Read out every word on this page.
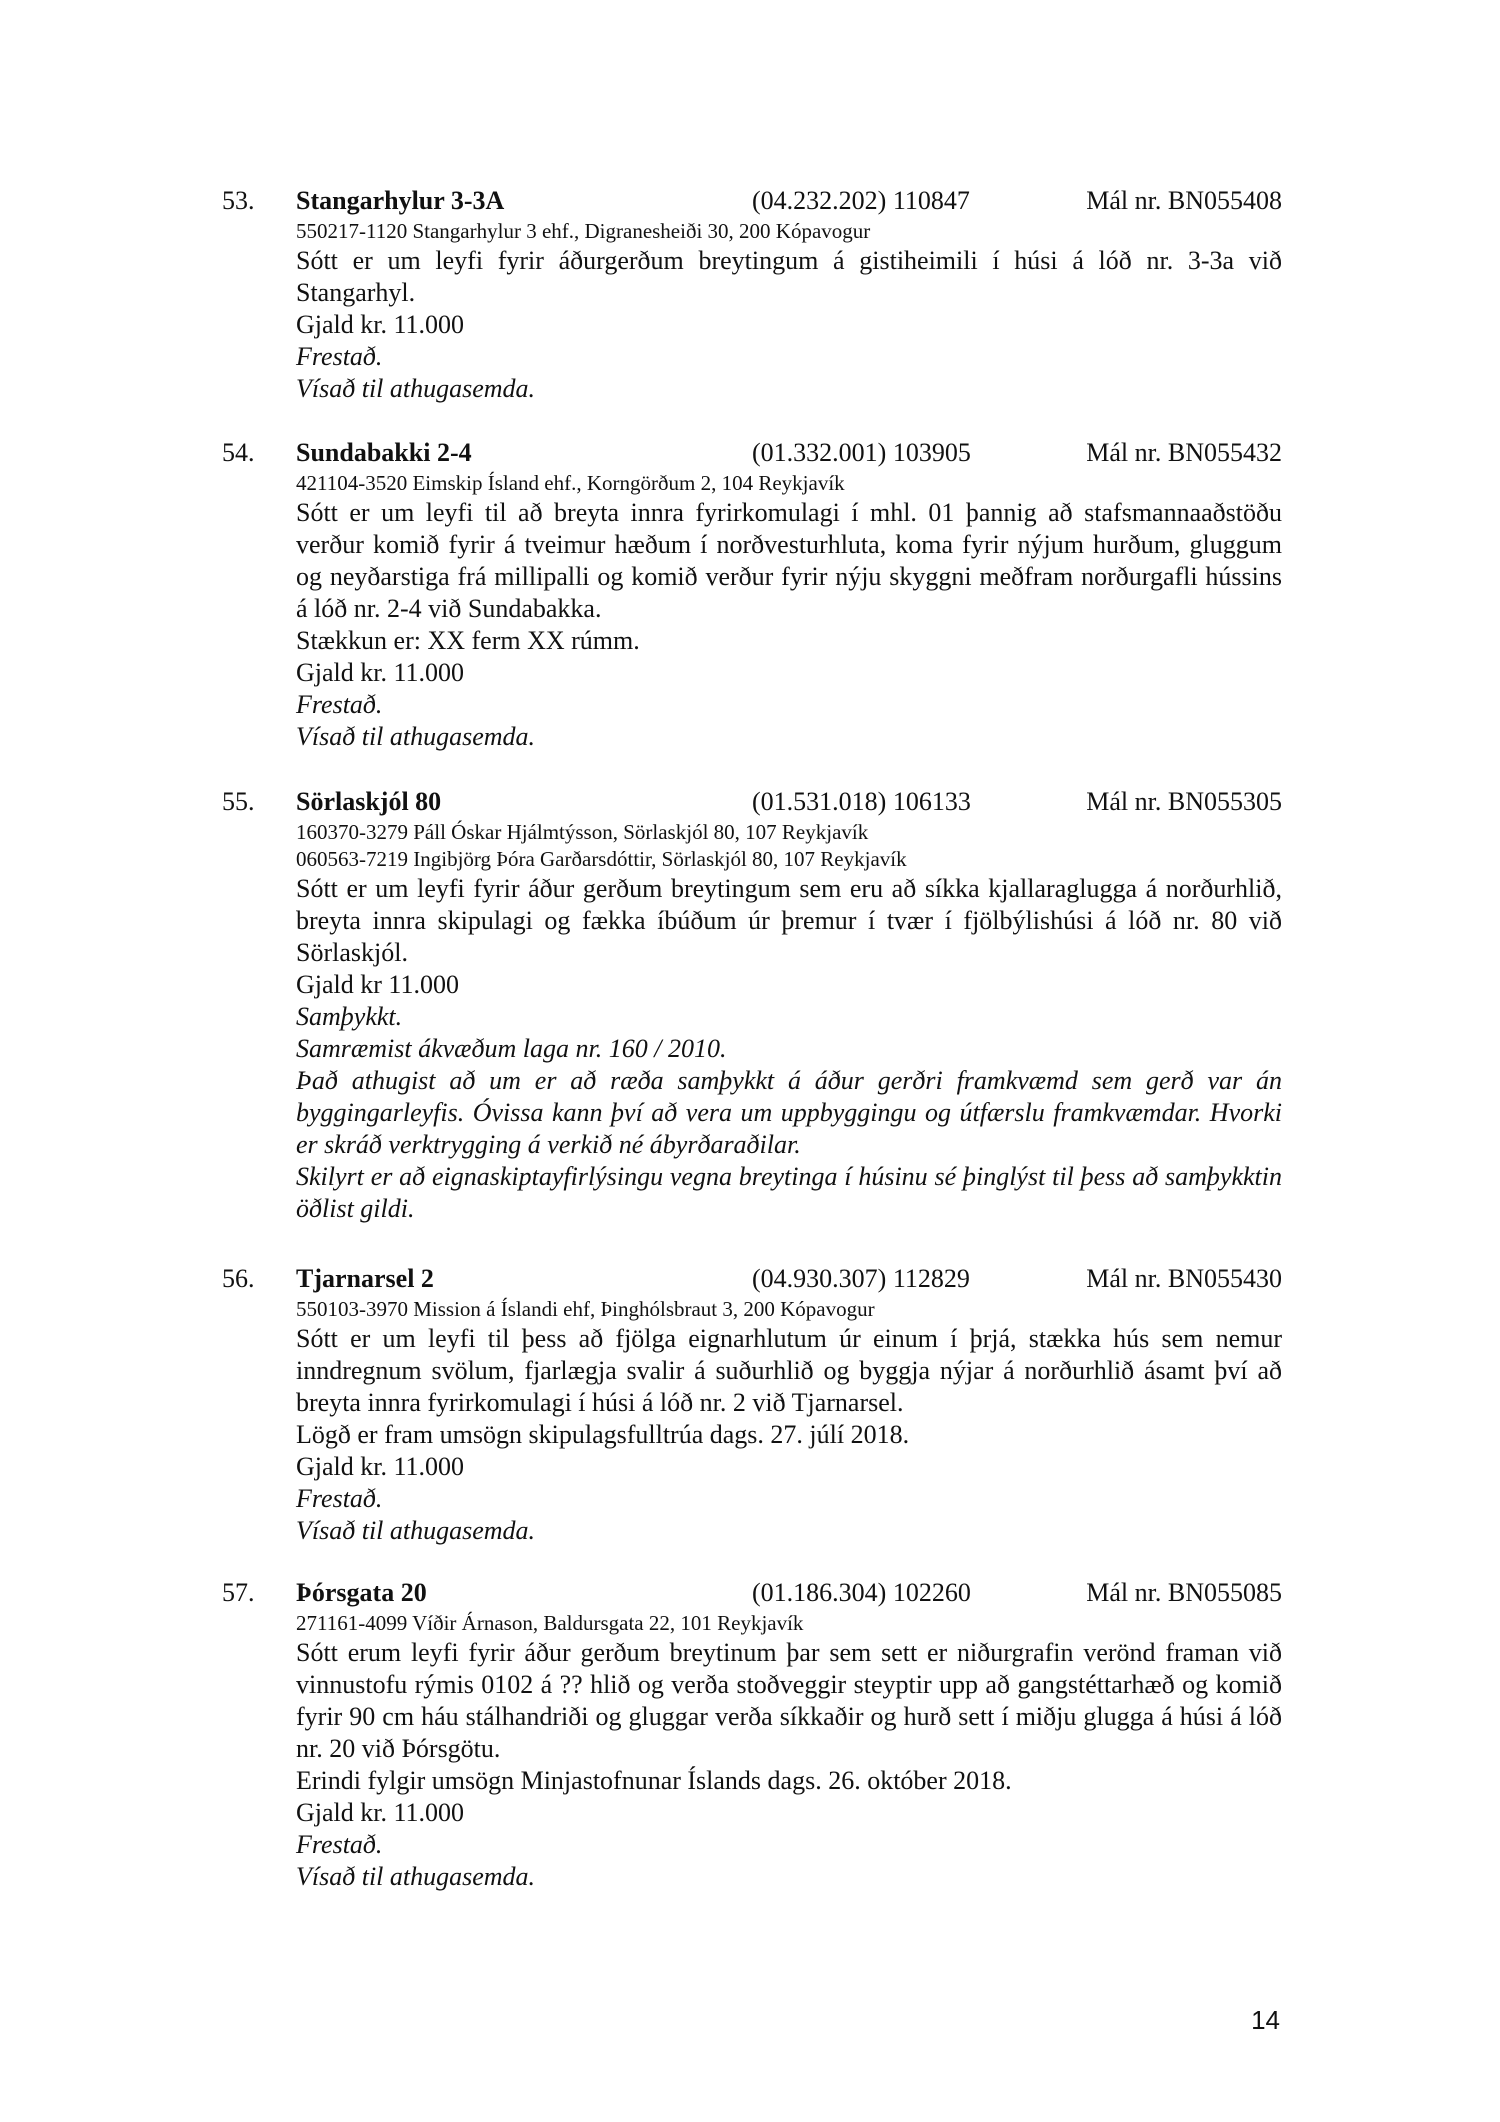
53. Stangarhylur 3-3A	(04.232.202) 110847	Mál nr. BN055408
550217-1120 Stangarhylur 3 ehf., Digranesheiði 30, 200 Kópavogur
Sótt er um leyfi fyrir áðurgerðum breytingum á gistiheimili í húsi á lóð nr. 3-3a við Stangarhyl.
Gjald kr. 11.000
Frestað.
Vísað til athugasemda.
54. Sundabakki 2-4	(01.332.001) 103905	Mál nr. BN055432
421104-3520 Eimskip Ísland ehf., Korngörðum 2, 104 Reykjavík
Sótt er um leyfi til að breyta innra fyrirkomulagi í mhl. 01 þannig að stafsmannaaðstöðu verður komið fyrir á tveimur hæðum í norðvesturhluta, koma fyrir nýjum hurðum, gluggum og neyðarstiga frá millipalli og komið verður fyrir nýju skyggni meðfram norðurgafli hússins á lóð nr. 2-4 við Sundabakka.
Stækkun er: XX ferm XX rúmm.
Gjald kr. 11.000
Frestað.
Vísað til athugasemda.
55. Sörlaskjól 80	(01.531.018) 106133	Mál nr. BN055305
160370-3279 Páll Óskar Hjálmtýsson, Sörlaskjól 80, 107 Reykjavík
060563-7219 Ingibjörg Þóra Garðarsdóttir, Sörlaskjól 80, 107 Reykjavík
Sótt er um leyfi fyrir áður gerðum breytingum sem eru að síkka kjallaraglugga á norðurhlið, breyta innra skipulagi og fækka íbúðum úr þremur í tvær í fjölbýlishúsi á lóð nr. 80 við Sörlaskjól.
Gjald kr 11.000
Samþykkt.
Samræmist ákvæðum laga nr. 160 / 2010.
Það athugist að um er að ræða samþykkt á áður gerðri framkvæmd sem gerð var án byggingarleyfis. Óvissa kann því að vera um uppbyggingu og útfærslu framkvæmdar. Hvorki er skráð verktrygging á verkið né ábyrðaraðilar.
Skilyrt er að eignaskiptayfirlýsingu vegna breytinga í húsinu sé þinglýst til þess að samþykktin öðlist gildi.
56. Tjarnarsel 2	(04.930.307) 112829	Mál nr. BN055430
550103-3970 Mission á Íslandi ehf, Þinghólsbraut 3, 200 Kópavogur
Sótt er um leyfi til þess að fjölga eignarhlutum úr einum í þrjá, stækka hús sem nemur inndregnum svölum, fjarlægja svalir á suðurhlið og byggja nýjar á norðurhlið ásamt því að breyta innra fyrirkomulagi í húsi á lóð nr. 2 við Tjarnarsel.
Lögð er fram umsögn skipulagsfulltrúa dags. 27. júlí 2018.
Gjald kr. 11.000
Frestað.
Vísað til athugasemda.
57. Þórsgata 20	(01.186.304) 102260	Mál nr. BN055085
271161-4099 Víðir Árnason, Baldursgata 22, 101 Reykjavík
Sótt erum leyfi fyrir áður gerðum breytinum þar sem sett er niðurgrafin verönd framan við vinnustofu rýmis 0102 á ?? hlið og verða stoðveggir steyptir upp að gangstéttarhæð og komið fyrir 90 cm háu stálhandriði og gluggar verða síkkaðir og hurð sett í miðju glugga á húsi á lóð nr. 20 við Þórsgötu.
Erindi fylgir umsögn Minjastofnunar Íslands dags. 26. október 2018.
Gjald kr. 11.000
Frestað.
Vísað til athugasemda.
14
